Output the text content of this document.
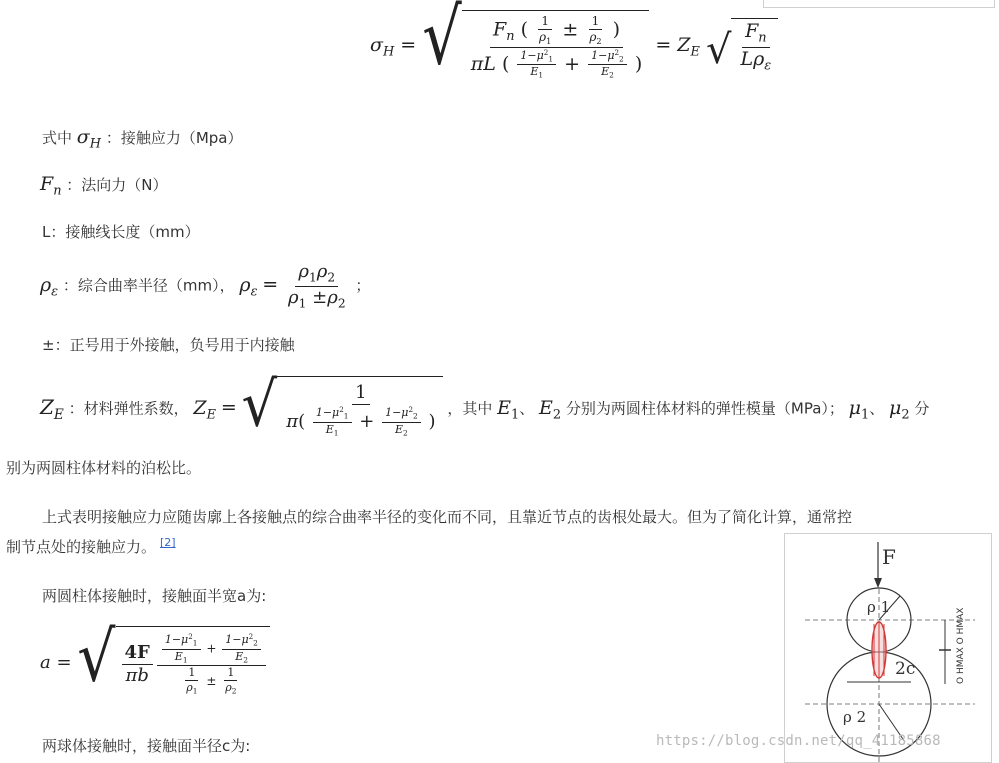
$\sigma_H$ = √ $F_n$ ( $\frac{1}{\rho_1} \pm \frac{1}{\rho_2}$ )
πL ( $\frac{1-\mu^2_1}{E_1} + \frac{1-\mu^2_2}{E_2}$ )
= $Z_E$ √ $\frac{F_n}{L\rho_\varepsilon}$
式中 $\sigma_H$ ：接触应力（Mpa）
$F_n$ ：法向力（N）
L：接触线长度（mm）
$\rho_\varepsilon$ ：综合曲率半径（mm）， $\rho_\varepsilon = \frac{\rho_1\rho_2}{\rho_1 \pm\rho_2}$ ；
±：正号用于外接触，负号用于内接触
$Z_E$ ：材料弹性系数， $Z_E$ = √	1
$\pi( \frac{1-\mu^2_1}{E_1} + \frac{1-\mu^2_2}{E_2}$ )
，其中 $E_1$、 $E_2$ 分别为两圆柱体材料的弹性模量（MPa）； $\mu_1$、 $\mu_2$ 分
别为两圆柱体材料的泊松比。
上式表明接触应力应随齿廓上各接触点的综合曲率半径的变化而不同，且靠近节点的齿根处最大。但为了简化计算，通常控
制节点处的接触应力。 [2]
两圆柱体接触时，接触面半宽a为:
a = √ $\frac{4F}{\pi b} \frac{\frac{1-\mu^2_1}{E_1} + \frac{1-\mu^2_2}{E_2}}{\frac{1}{\rho_1} \pm \frac{1}{\rho_2}}$
两球体接触时，接触面半径c为:
F
ρ 1
ρ 2
2c	O HMAX O HMAX
https://blog.csdn.net/qq_41185868
